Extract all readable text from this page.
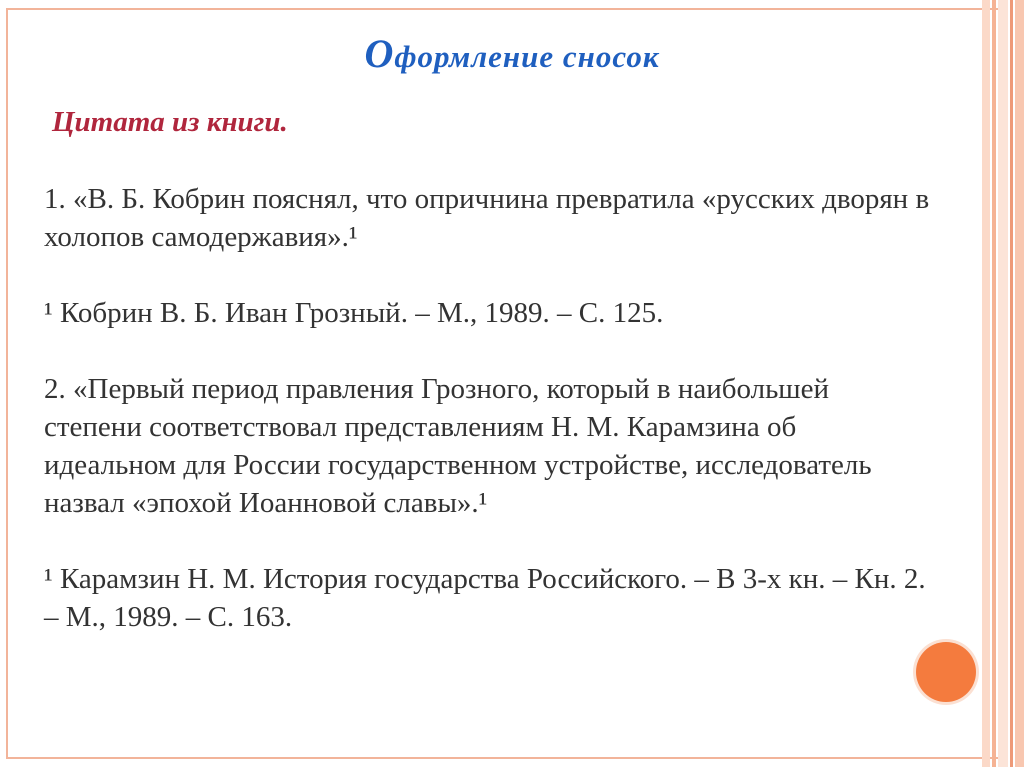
Оформление сносок
Цитата из книги.

1. «В. Б. Кобрин пояснял, что опричнина превратила «русских дворян в холопов самодержавия».¹

¹ Кобрин В. Б. Иван Грозный. – М., 1989. – С. 125.

2. «Первый период правления Грозного, который в наибольшей степени соответствовал представлениям Н. М. Карамзина об идеальном для России государственном устройстве, исследователь назвал «эпохой Иоанновой славы».¹

¹ Карамзин Н. М. История государства Российского. – В 3-х кн. – Кн. 2. – М., 1989. – С. 163.
